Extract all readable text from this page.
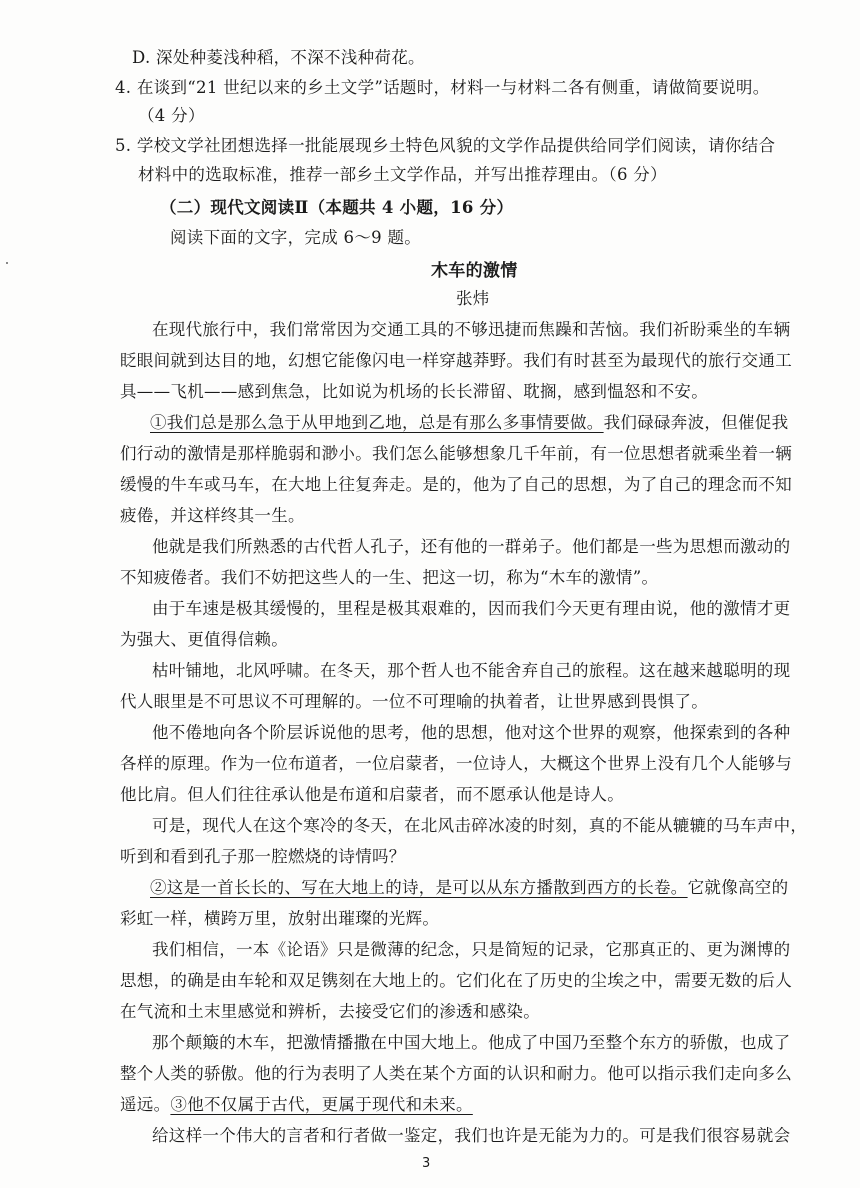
D. 深处种菱浅种稻，不深不浅种荷花。
4. 在谈到“21 世纪以来的乡土文学”话题时，材料一与材料二各有侧重，请做简要说明。
（4 分）
5. 学校文学社团想选择一批能展现乡土特色风貌的文学作品提供给同学们阅读，请你结合
材料中的选取标准，推荐一部乡土文学作品，并写出推荐理由。（6 分）
（二）现代文阅读Ⅱ（本题共 4 小题，16 分）
阅读下面的文字，完成 6～9 题。
木车的激情
张炜
在现代旅行中，我们常常因为交通工具的不够迅捷而焦躁和苦恼。我们祈盼乘坐的车辆
眨眼间就到达目的地，幻想它能像闪电一样穿越莽野。我们有时甚至为最现代的旅行交通工
具——飞机——感到焦急，比如说为机场的长长滞留、耽搁，感到愠怒和不安。
①我们总是那么急于从甲地到乙地，总是有那么多事情要做。我们碌碌奔波，但催促我
们行动的激情是那样脆弱和渺小。我们怎么能够想象几千年前，有一位思想者就乘坐着一辆
缓慢的牛车或马车，在大地上往复奔走。是的，他为了自己的思想，为了自己的理念而不知
疲倦，并这样终其一生。
他就是我们所熟悉的古代哲人孔子，还有他的一群弟子。他们都是一些为思想而激动的
不知疲倦者。我们不妨把这些人的一生、把这一切，称为“木车的激情”。
由于车速是极其缓慢的，里程是极其艰难的，因而我们今天更有理由说，他的激情才更
为强大、更值得信赖。
枯叶铺地，北风呼啸。在冬天，那个哲人也不能舍弃自己的旅程。这在越来越聪明的现
代人眼里是不可思议不可理解的。一位不可理喻的执着者，让世界感到畏惧了。
他不倦地向各个阶层诉说他的思考，他的思想，他对这个世界的观察，他探索到的各种
各样的原理。作为一位布道者，一位启蒙者，一位诗人，大概这个世界上没有几个人能够与
他比肩。但人们往往承认他是布道和启蒙者，而不愿承认他是诗人。
可是，现代人在这个寒冷的冬天，在北风击碎冰凌的时刻，真的不能从辘辘的马车声中，
听到和看到孔子那一腔燃烧的诗情吗？
②这是一首长长的、写在大地上的诗，是可以从东方播散到西方的长卷。它就像高空的
彩虹一样，横跨万里，放射出璀璨的光辉。
我们相信，一本《论语》只是微薄的纪念，只是简短的记录，它那真正的、更为渊博的
思想，的确是由车轮和双足镌刻在大地上的。它们化在了历史的尘埃之中，需要无数的后人
在气流和土末里感觉和辨析，去接受它们的渗透和感染。
那个颠簸的木车，把激情播撒在中国大地上。他成了中国乃至整个东方的骄傲，也成了
整个人类的骄傲。他的行为表明了人类在某个方面的认识和耐力。他可以指示我们走向多么
遥远。③他不仅属于古代，更属于现代和未来。
给这样一个伟大的言者和行者做一鉴定，我们也许是无能为力的。可是我们很容易就会
3
